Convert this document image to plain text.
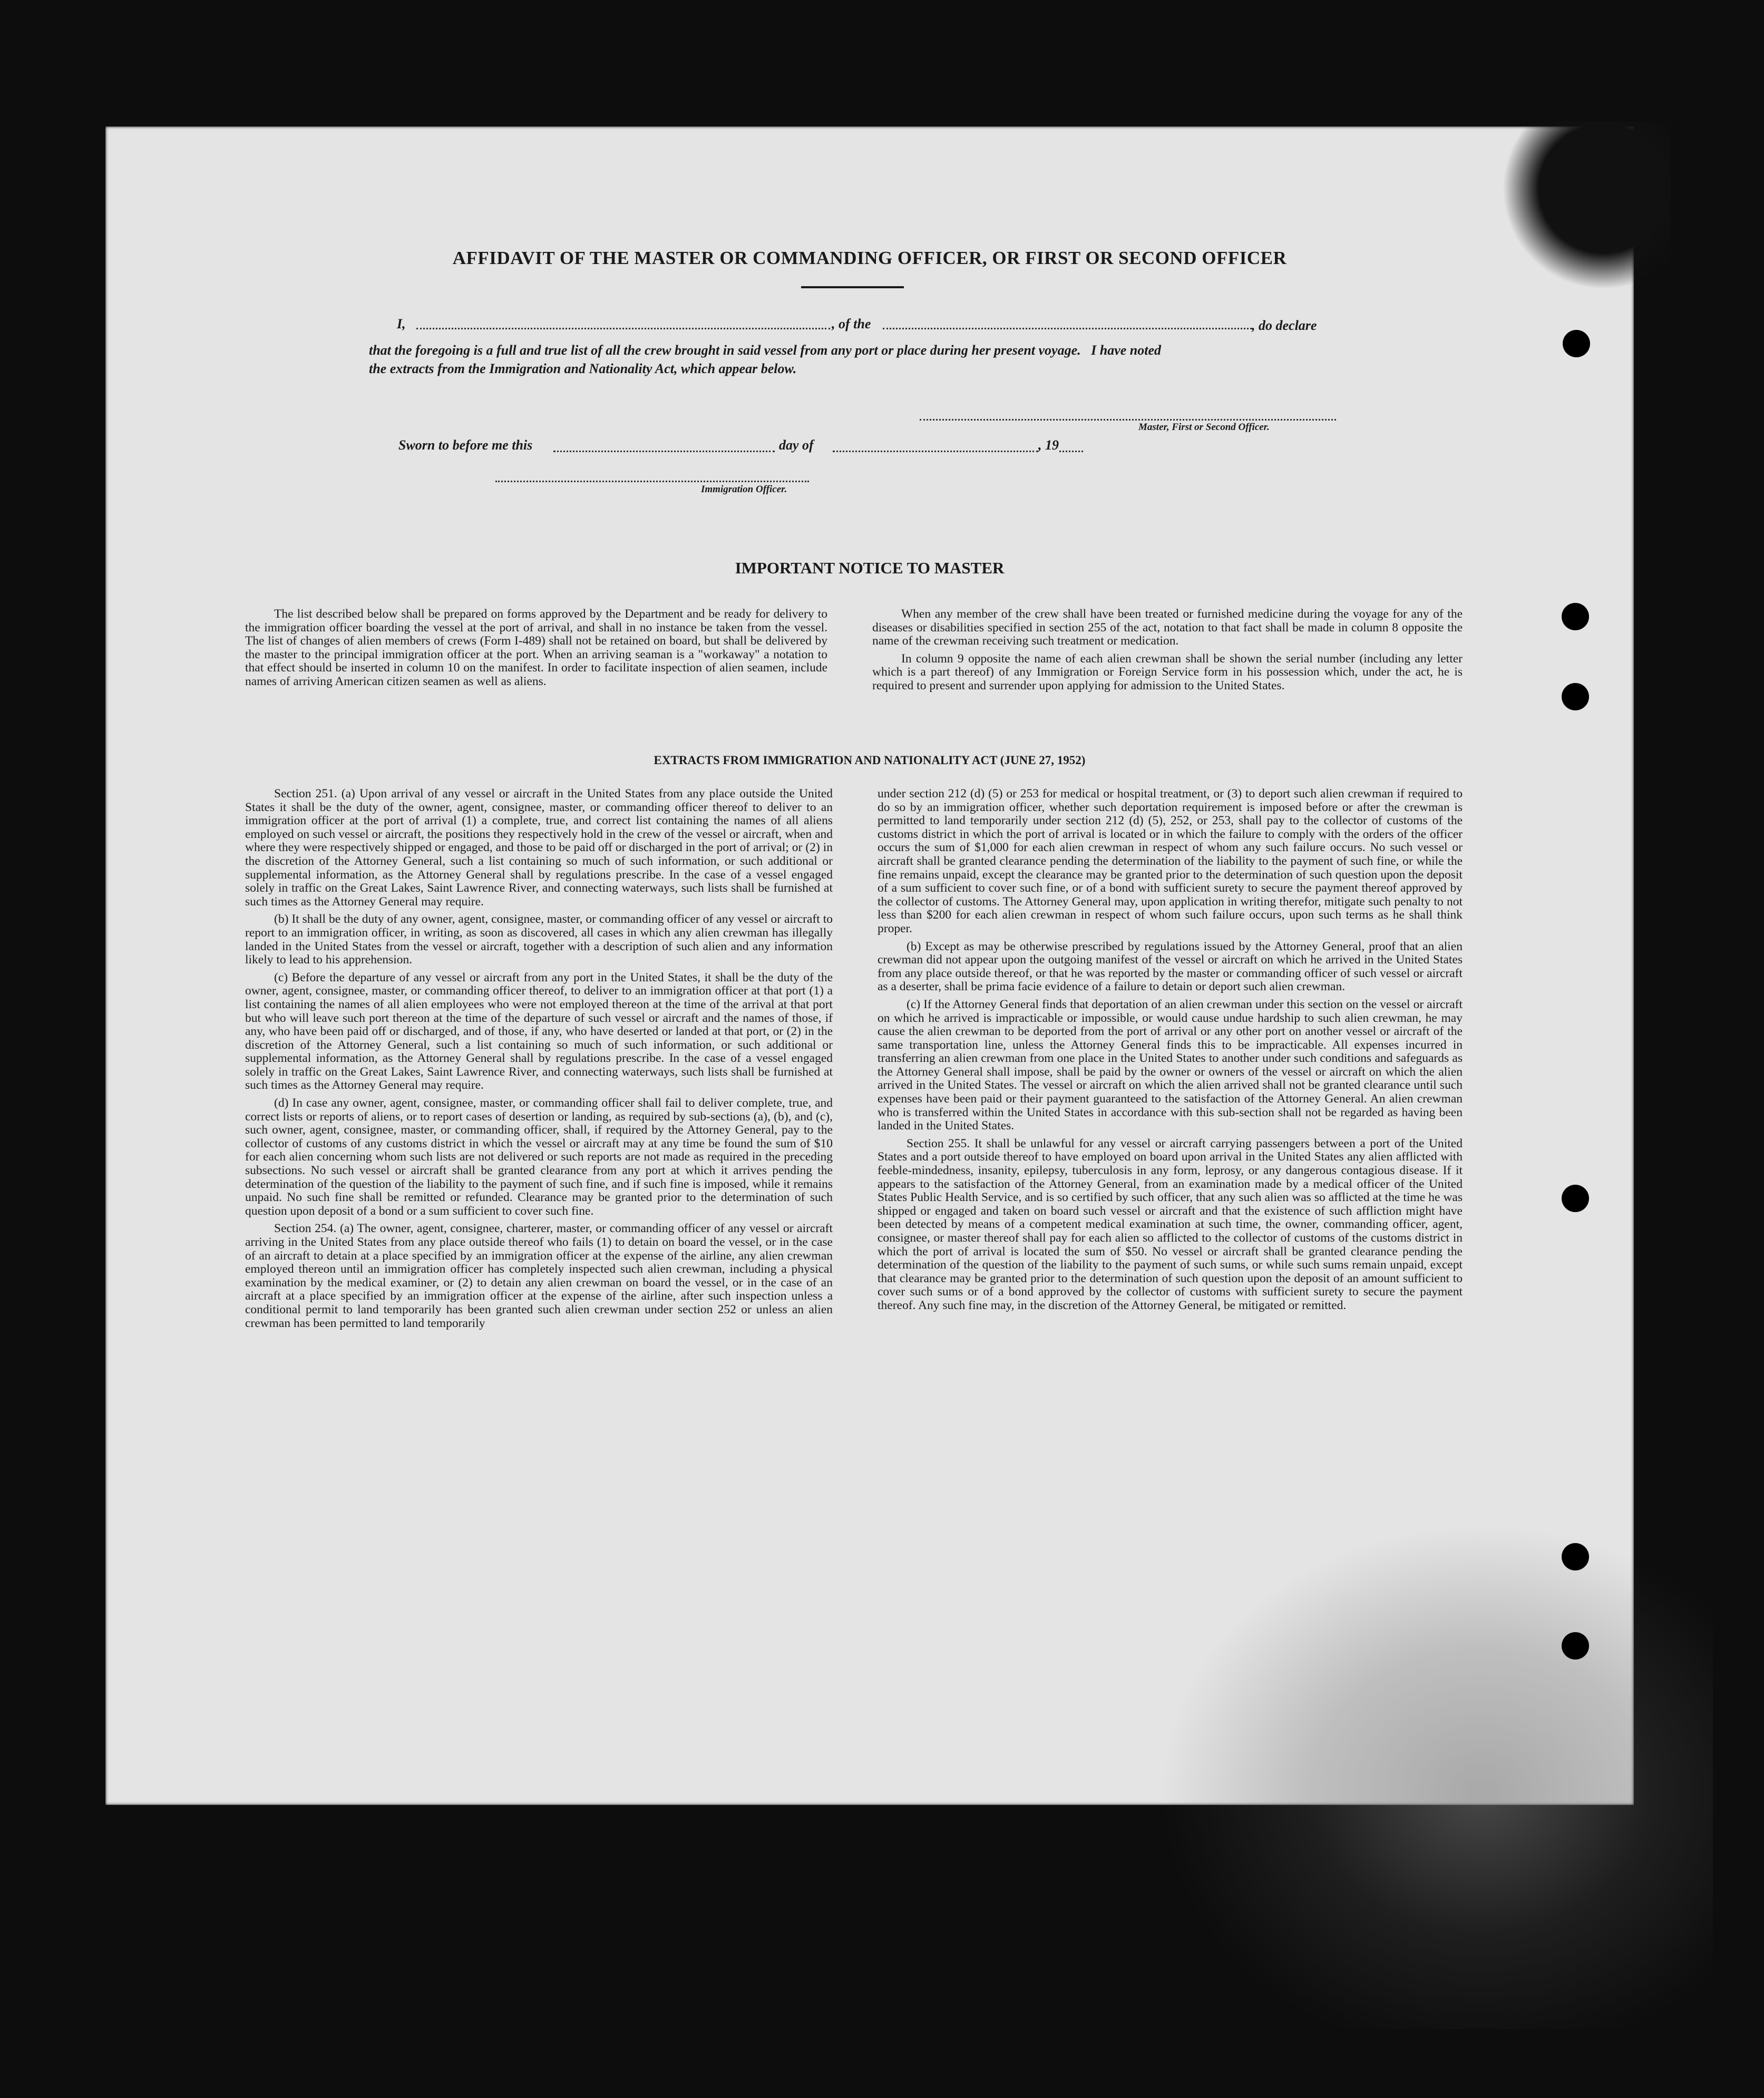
AFFIDAVIT OF THE MASTER OR COMMANDING OFFICER, OR FIRST OR SECOND OFFICER
I,	, of the	, do declare
that the foregoing is a full and true list of all the crew brought in said vessel from any port or place during her present voyage.   I have noted
the extracts from the Immigration and Nationality Act, which appear below.
Master, First or Second Officer.
Sworn to before me this	day of	, 19
Immigration Officer.
IMPORTANT NOTICE TO MASTER

The list described below shall be prepared on forms approved by the Department and be ready for delivery to the immigration officer boarding the vessel at the port of arrival, and shall in no instance be taken from the vessel. The list of changes of alien members of crews (Form I-489) shall not be retained on board, but shall be delivered by the master to the principal immigration officer at the port. When an arriving seaman is a "workaway" a notation to that effect should be inserted in column 10 on the manifest. In order to facilitate inspection of alien seamen, include names of arriving American citizen seamen as well as aliens.

When any member of the crew shall have been treated or furnished medicine during the voyage for any of the diseases or disabilities specified in section 255 of the act, notation to that fact shall be made in column 8 opposite the name of the crewman receiving such treatment or medication.

In column 9 opposite the name of each alien crewman shall be shown the serial number (including any letter which is a part thereof) of any Immigration or Foreign Service form in his possession which, under the act, he is required to present and surrender upon applying for admission to the United States.

EXTRACTS FROM IMMIGRATION AND NATIONALITY ACT (JUNE 27, 1952)

Section 251. (a) Upon arrival of any vessel or aircraft in the United States from any place outside the United States it shall be the duty of the owner, agent, consignee, master, or commanding officer thereof to deliver to an immigration officer at the port of arrival (1) a complete, true, and correct list containing the names of all aliens employed on such vessel or aircraft, the positions they respectively hold in the crew of the vessel or aircraft, when and where they were respectively shipped or engaged, and those to be paid off or discharged in the port of arrival; or (2) in the discretion of the Attorney General, such a list containing so much of such information, or such additional or supplemental information, as the Attorney General shall by regulations prescribe. In the case of a vessel engaged solely in traffic on the Great Lakes, Saint Lawrence River, and connecting waterways, such lists shall be furnished at such times as the Attorney General may require.

(b) It shall be the duty of any owner, agent, consignee, master, or commanding officer of any vessel or aircraft to report to an immigration officer, in writing, as soon as discovered, all cases in which any alien crewman has illegally landed in the United States from the vessel or aircraft, together with a description of such alien and any information likely to lead to his apprehension.

(c) Before the departure of any vessel or aircraft from any port in the United States, it shall be the duty of the owner, agent, consignee, master, or commanding officer thereof, to deliver to an immigration officer at that port (1) a list containing the names of all alien employees who were not employed thereon at the time of the arrival at that port but who will leave such port thereon at the time of the departure of such vessel or aircraft and the names of those, if any, who have been paid off or discharged, and of those, if any, who have deserted or landed at that port, or (2) in the discretion of the Attorney General, such a list containing so much of such information, or such additional or supplemental information, as the Attorney General shall by regulations prescribe. In the case of a vessel engaged solely in traffic on the Great Lakes, Saint Lawrence River, and connecting waterways, such lists shall be furnished at such times as the Attorney General may require.

(d) In case any owner, agent, consignee, master, or commanding officer shall fail to deliver complete, true, and correct lists or reports of aliens, or to report cases of desertion or landing, as required by sub-sections (a), (b), and (c), such owner, agent, consignee, master, or commanding officer, shall, if required by the Attorney General, pay to the collector of customs of any customs district in which the vessel or aircraft may at any time be found the sum of $10 for each alien concerning whom such lists are not delivered or such reports are not made as required in the preceding subsections. No such vessel or aircraft shall be granted clearance from any port at which it arrives pending the determination of the question of the liability to the payment of such fine, and if such fine is imposed, while it remains unpaid. No such fine shall be remitted or refunded. Clearance may be granted prior to the determination of such question upon deposit of a bond or a sum sufficient to cover such fine.

Section 254. (a) The owner, agent, consignee, charterer, master, or commanding officer of any vessel or aircraft arriving in the United States from any place outside thereof who fails (1) to detain on board the vessel, or in the case of an aircraft to detain at a place specified by an immigration officer at the expense of the airline, any alien crewman employed thereon until an immigration officer has completely inspected such alien crewman, including a physical examination by the medical examiner, or (2) to detain any alien crewman on board the vessel, or in the case of an aircraft at a place specified by an immigration officer at the expense of the airline, after such inspection unless a conditional permit to land temporarily has been granted such alien crewman under section 252 or unless an alien crewman has been permitted to land temporarily

under section 212 (d) (5) or 253 for medical or hospital treatment, or (3) to deport such alien crewman if required to do so by an immigration officer, whether such deportation requirement is imposed before or after the crewman is permitted to land temporarily under section 212 (d) (5), 252, or 253, shall pay to the collector of customs of the customs district in which the port of arrival is located or in which the failure to comply with the orders of the officer occurs the sum of $1,000 for each alien crewman in respect of whom any such failure occurs. No such vessel or aircraft shall be granted clearance pending the determination of the liability to the payment of such fine, or while the fine remains unpaid, except the clearance may be granted prior to the determination of such question upon the deposit of a sum sufficient to cover such fine, or of a bond with sufficient surety to secure the payment thereof approved by the collector of customs. The Attorney General may, upon application in writing therefor, mitigate such penalty to not less than $200 for each alien crewman in respect of whom such failure occurs, upon such terms as he shall think proper.

(b) Except as may be otherwise prescribed by regulations issued by the Attorney General, proof that an alien crewman did not appear upon the outgoing manifest of the vessel or aircraft on which he arrived in the United States from any place outside thereof, or that he was reported by the master or commanding officer of such vessel or aircraft as a deserter, shall be prima facie evidence of a failure to detain or deport such alien crewman.

(c) If the Attorney General finds that deportation of an alien crewman under this section on the vessel or aircraft on which he arrived is impracticable or impossible, or would cause undue hardship to such alien crewman, he may cause the alien crewman to be deported from the port of arrival or any other port on another vessel or aircraft of the same transportation line, unless the Attorney General finds this to be impracticable. All expenses incurred in transferring an alien crewman from one place in the United States to another under such conditions and safeguards as the Attorney General shall impose, shall be paid by the owner or owners of the vessel or aircraft on which the alien arrived in the United States. The vessel or aircraft on which the alien arrived shall not be granted clearance until such expenses have been paid or their payment guaranteed to the satisfaction of the Attorney General. An alien crewman who is transferred within the United States in accordance with this sub-section shall not be regarded as having been landed in the United States.

Section 255. It shall be unlawful for any vessel or aircraft carrying passengers between a port of the United States and a port outside thereof to have employed on board upon arrival in the United States any alien afflicted with feeble-mindedness, insanity, epilepsy, tuberculosis in any form, leprosy, or any dangerous contagious disease. If it appears to the satisfaction of the Attorney General, from an examination made by a medical officer of the United States Public Health Service, and is so certified by such officer, that any such alien was so afflicted at the time he was shipped or engaged and taken on board such vessel or aircraft and that the existence of such affliction might have been detected by means of a competent medical examination at such time, the owner, commanding officer, agent, consignee, or master thereof shall pay for each alien so afflicted to the collector of customs of the customs district in which the port of arrival is located the sum of $50. No vessel or aircraft shall be granted clearance pending the determination of the question of the liability to the payment of such sums, or while such sums remain unpaid, except that clearance may be granted prior to the determination of such question upon the deposit of an amount sufficient to cover such sums or of a bond approved by the collector of customs with sufficient surety to secure the payment thereof. Any such fine may, in the discretion of the Attorney General, be mitigated or remitted.
